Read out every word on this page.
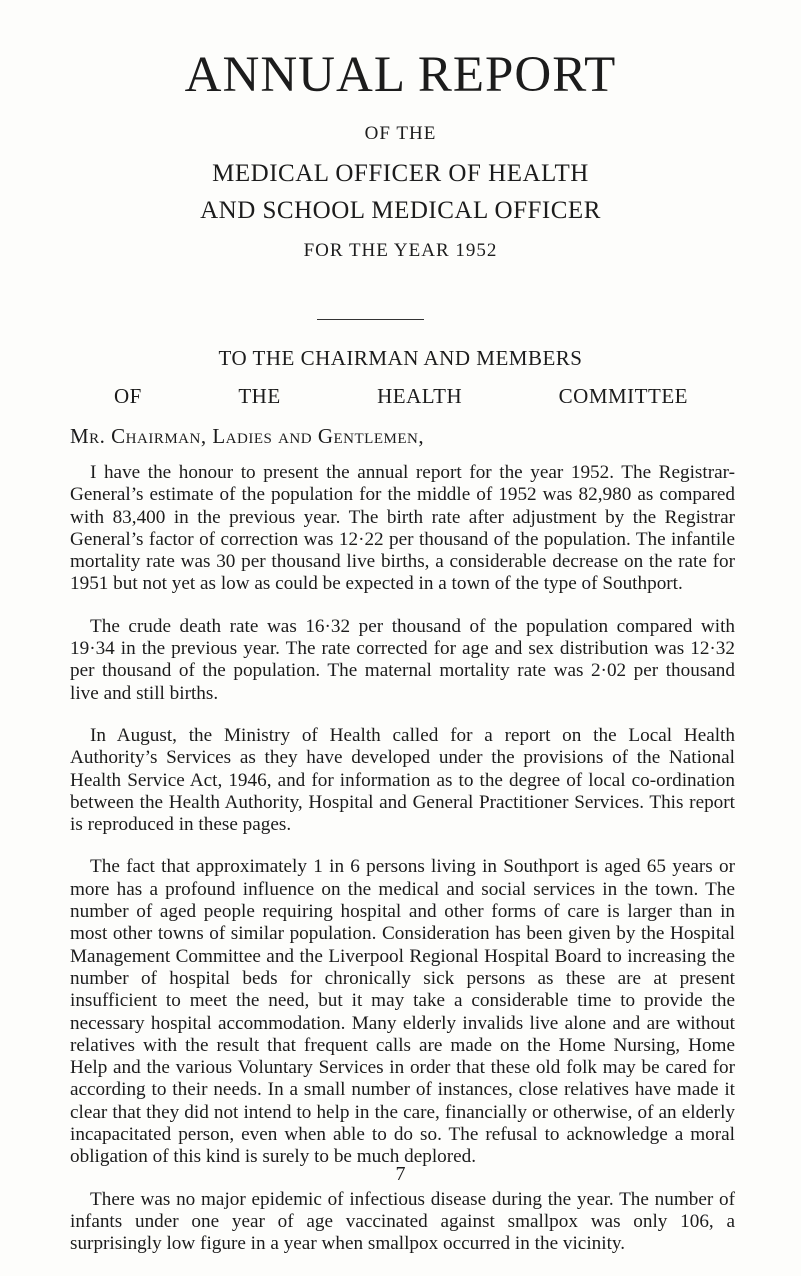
ANNUAL REPORT

OF THE

MEDICAL OFFICER OF HEALTH

AND SCHOOL MEDICAL OFFICER

FOR THE YEAR 1952

TO THE CHAIRMAN AND MEMBERS

OF	THE	HEALTH	COMMITTEE

Mr. Chairman, Ladies and Gentlemen,

I have the honour to present the annual report for the year 1952. The Registrar-General’s estimate of the population for the middle of 1952 was 82,980 as compared with 83,400 in the previous year. The birth rate after adjustment by the Registrar General’s factor of correction was 12·22 per thousand of the population. The infantile mortality rate was 30 per thousand live births, a considerable decrease on the rate for 1951 but not yet as low as could be expected in a town of the type of Southport.

The crude death rate was 16·32 per thousand of the population compared with 19·34 in the previous year. The rate corrected for age and sex distribution was 12·32 per thousand of the population. The maternal mortality rate was 2·02 per thousand live and still births.

In August, the Ministry of Health called for a report on the Local Health Authority’s Services as they have developed under the provisions of the National Health Service Act, 1946, and for information as to the degree of local co-ordination between the Health Authority, Hospital and General Practitioner Services. This report is reproduced in these pages.

The fact that approximately 1 in 6 persons living in Southport is aged 65 years or more has a profound influence on the medical and social services in the town. The number of aged people requiring hospital and other forms of care is larger than in most other towns of similar population. Consideration has been given by the Hospital Management Committee and the Liverpool Regional Hospital Board to increasing the number of hospital beds for chronically sick persons as these are at present insufficient to meet the need, but it may take a considerable time to provide the necessary hospital accommodation. Many elderly invalids live alone and are without relatives with the result that frequent calls are made on the Home Nursing, Home Help and the various Voluntary Services in order that these old folk may be cared for according to their needs. In a small number of instances, close relatives have made it clear that they did not intend to help in the care, financially or otherwise, of an elderly incapacitated person, even when able to do so. The refusal to acknowledge a moral obligation of this kind is surely to be much deplored.

There was no major epidemic of infectious disease during the year. The number of infants under one year of age vaccinated against smallpox was only 106, a surprisingly low figure in a year when smallpox occurred in the vicinity.

7
